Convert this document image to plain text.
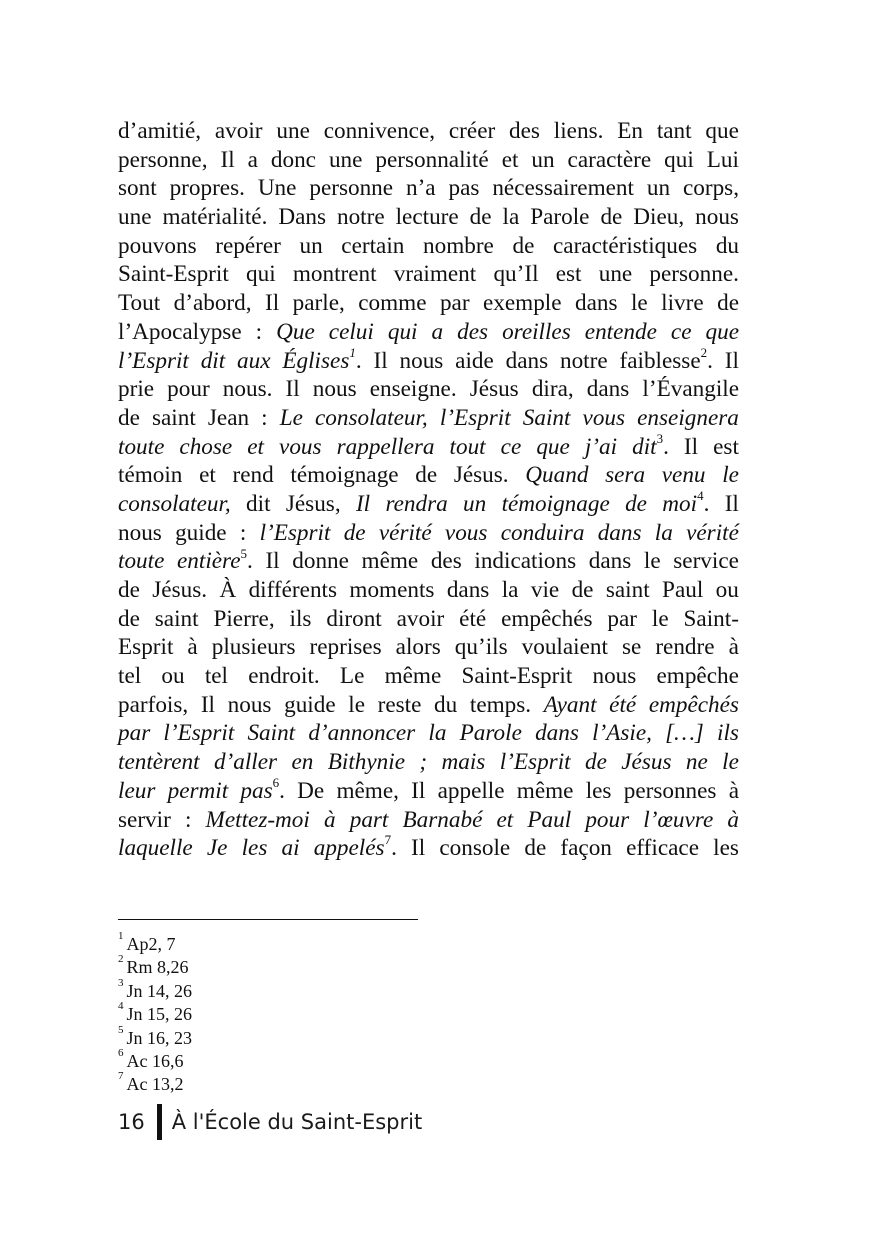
d’amitié, avoir une connivence, créer des liens. En tant que
personne, Il a donc une personnalité et un caractère qui Lui
sont propres. Une personne n’a pas nécessairement un corps,
une matérialité. Dans notre lecture de la Parole de Dieu, nous
pouvons repérer un certain nombre de caractéristiques du
Saint-Esprit qui montrent vraiment qu’Il est une personne.
Tout d’abord, Il parle, comme par exemple dans le livre de
l’Apocalypse : Que celui qui a des oreilles entende ce que
l’Esprit dit aux Églises$^1$. Il nous aide dans notre faiblesse$^2$. Il
prie pour nous. Il nous enseigne. Jésus dira, dans l’Évangile
de saint Jean : Le consolateur, l’Esprit Saint vous enseignera
toute chose et vous rappellera tout ce que j’ai dit$^3$. Il est
témoin et rend témoignage de Jésus. Quand sera venu le
consolateur, dit Jésus, Il rendra un témoignage de moi$^4$. Il
nous guide : l’Esprit de vérité vous conduira dans la vérité
toute entière$^5$. Il donne même des indications dans le service
de Jésus. À différents moments dans la vie de saint Paul ou
de saint Pierre, ils diront avoir été empêchés par le Saint-
Esprit à plusieurs reprises alors qu’ils voulaient se rendre à
tel ou tel endroit. Le même Saint-Esprit nous empêche
parfois, Il nous guide le reste du temps. Ayant été empêchés
par l’Esprit Saint d’annoncer la Parole dans l’Asie, […] ils
tentèrent d’aller en Bithynie ; mais l’Esprit de Jésus ne le
leur permit pas$^6$. De même, Il appelle même les personnes à
servir : Mettez-moi à part Barnabé et Paul pour l’œuvre à
laquelle Je les ai appelés$^7$. Il console de façon efficace les
$^1$ Ap2, 7
$^2$ Rm 8,26
$^3$ Jn 14, 26
$^4$ Jn 15, 26
$^5$ Jn 16, 23
$^6$ Ac 16,6
$^7$ Ac 13,2
16 À l'École du Saint-Esprit
